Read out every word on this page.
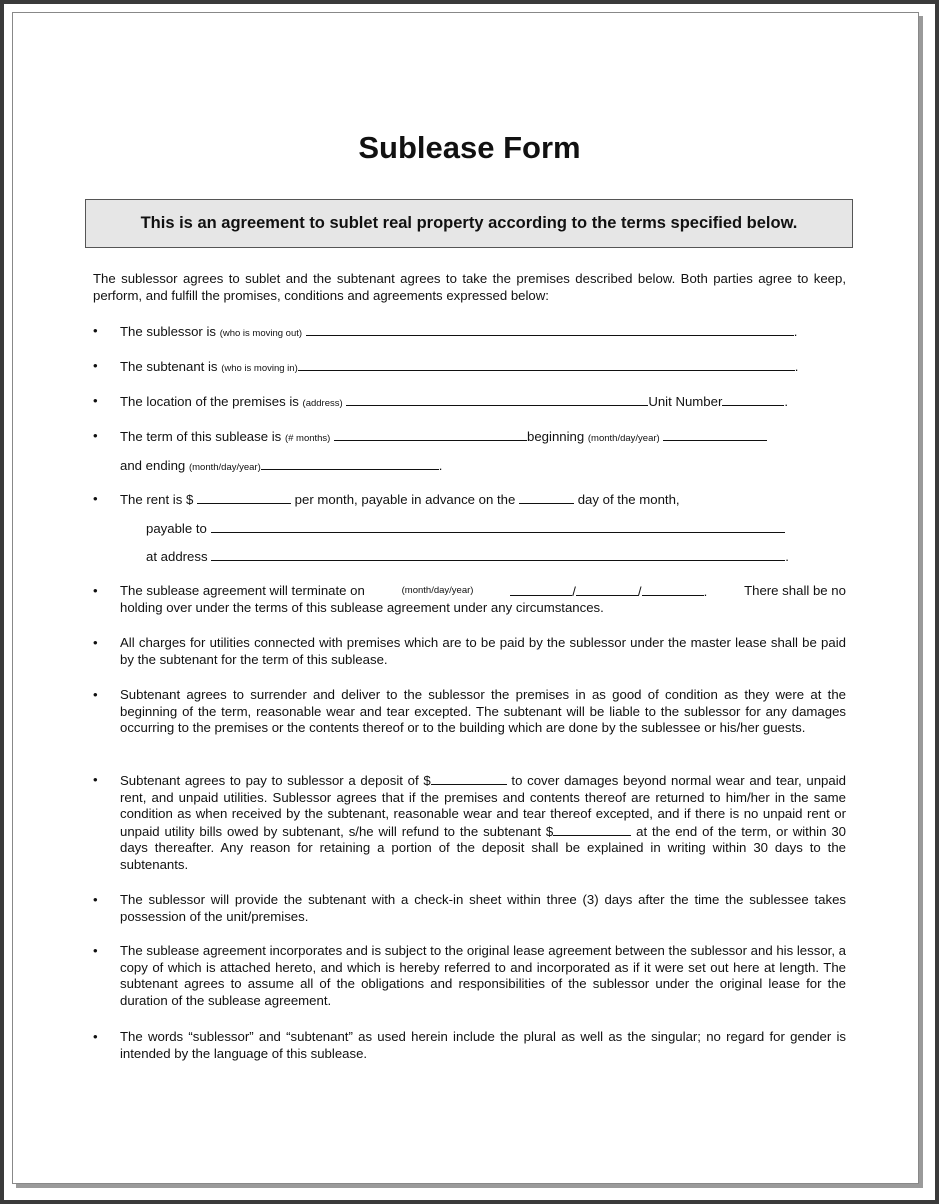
Sublease Form
This is an agreement to sublet real property according to the terms specified below.
The sublessor agrees to sublet and the subtenant agrees to take the premises described below. Both parties agree to keep, perform, and fulfill the promises, conditions and agreements expressed below:
• The sublessor is (who is moving out)	.
• The subtenant is (who is moving in)	.
• The location of the premises is (address)	Unit Number	.
• The term of this sublease is (# months)	beginning (month/day/year)
and ending (month/day/year)	.
• The rent is $	per month, payable in advance on the	day of the month,
payable to
at address	.
• The sublease agreement will terminate on	(month/day/year)	/	/	.	There shall be no
holding over under the terms of this sublease agreement under any circumstances.
• All charges for utilities connected with premises which are to be paid by the sublessor under the master lease shall be paid by the subtenant for the term of this sublease.
• Subtenant agrees to surrender and deliver to the sublessor the premises in as good of condition as they were at the beginning of the term, reasonable wear and tear excepted. The subtenant will be liable to the sublessor for any damages occurring to the premises or the contents thereof or to the building which are done by the sublessee or his/her guests.
• Subtenant agrees to pay to sublessor a deposit of $	to cover damages beyond normal wear and tear, unpaid rent, and unpaid utilities. Sublessor agrees that if the premises and contents thereof are returned to him/her in the same condition as when received by the subtenant, reasonable wear and tear thereof excepted, and if there is no unpaid rent or unpaid utility bills owed by subtenant, s/he will refund to the subtenant $	at the end of the term, or within 30 days thereafter. Any reason for retaining a portion of the deposit shall be explained in writing within 30 days to the subtenants.
• The sublessor will provide the subtenant with a check-in sheet within three (3) days after the time the sublessee takes possession of the unit/premises.
• The sublease agreement incorporates and is subject to the original lease agreement between the sublessor and his lessor, a copy of which is attached hereto, and which is hereby referred to and incorporated as if it were set out here at length. The subtenant agrees to assume all of the obligations and responsibilities of the sublessor under the original lease for the duration of the sublease agreement.
• The words “sublessor” and “subtenant” as used herein include the plural as well as the singular; no regard for gender is intended by the language of this sublease.
